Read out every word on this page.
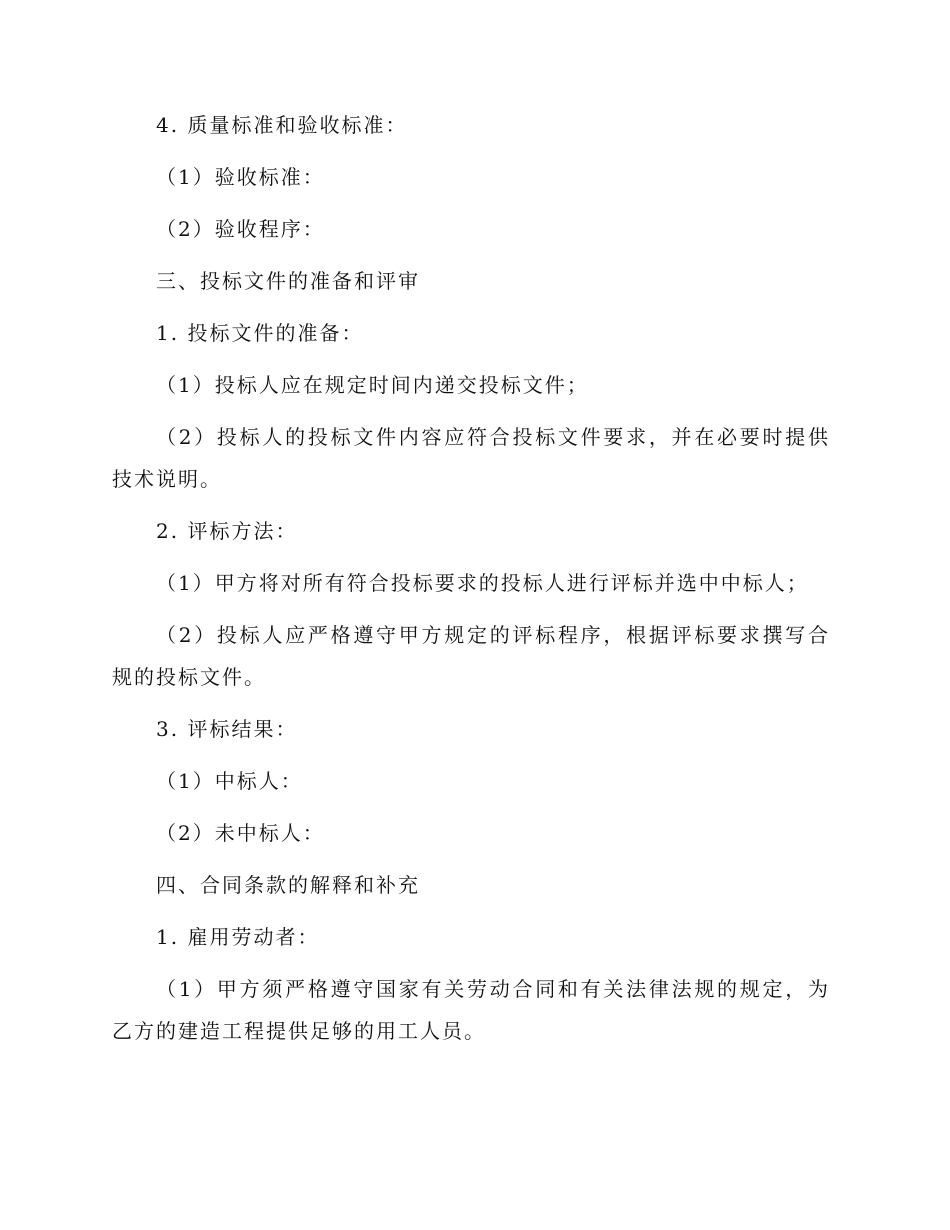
4. 质量标准和验收标准：

（1）验收标准：

（2）验收程序：

三、投标文件的准备和评审

1. 投标文件的准备：

（1）投标人应在规定时间内递交投标文件；

（2）投标人的投标文件内容应符合投标文件要求，并在必要时提供技术说明。

2. 评标方法：

（1）甲方将对所有符合投标要求的投标人进行评标并选中中标人；

（2）投标人应严格遵守甲方规定的评标程序，根据评标要求撰写合规的投标文件。

3. 评标结果：

（1）中标人：

（2）未中标人：

四、合同条款的解释和补充

1. 雇用劳动者：

（1）甲方须严格遵守国家有关劳动合同和有关法律法规的规定，为乙方的建造工程提供足够的用工人员。
